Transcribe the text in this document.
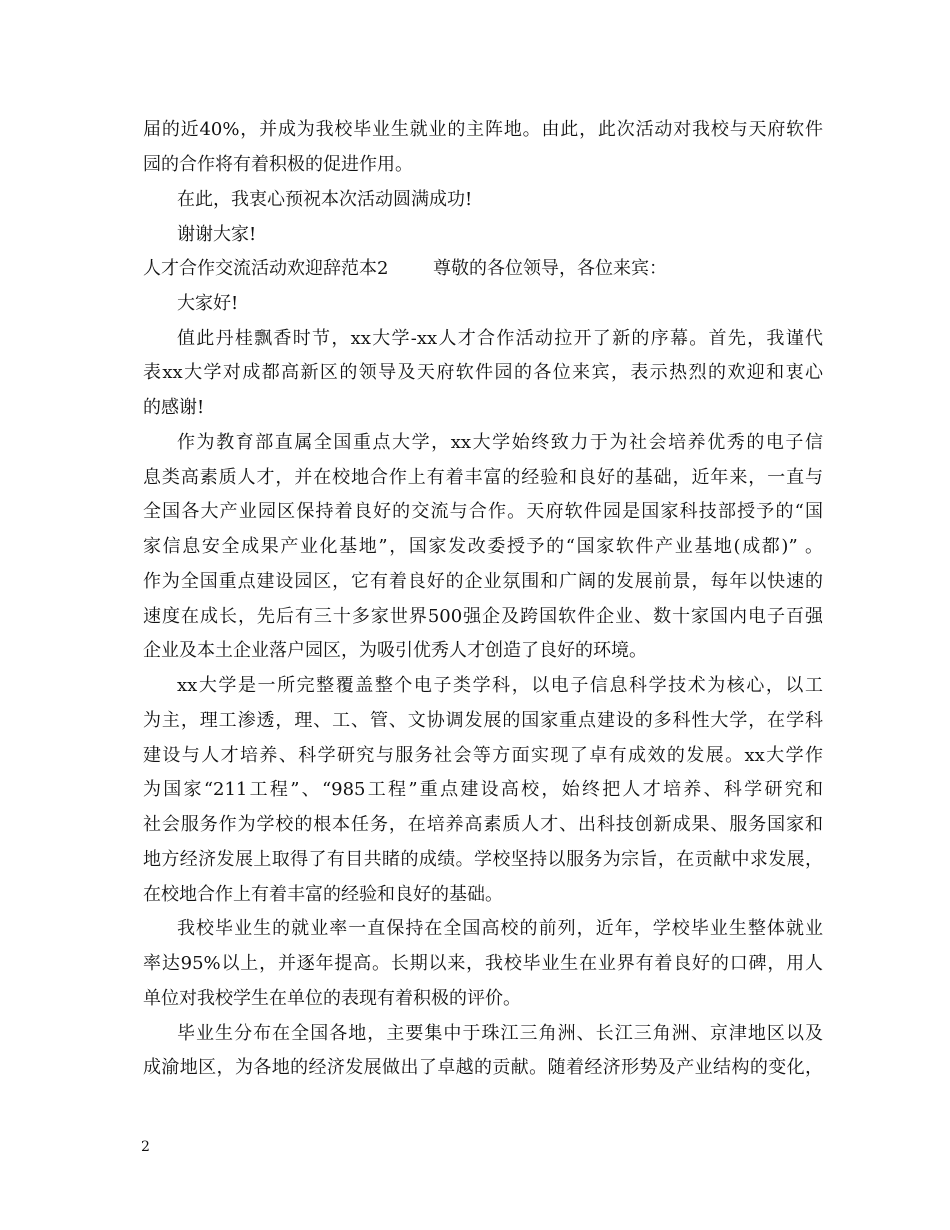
届的近40%，并成为我校毕业生就业的主阵地。由此，此次活动对我校与天府软件
园的合作将有着积极的促进作用。
在此，我衷心预祝本次活动圆满成功!
谢谢大家!
人才合作交流活动欢迎辞范本2	尊敬的各位领导，各位来宾：
大家好!
值此丹桂飘香时节，xx大学-xx人才合作活动拉开了新的序幕。首先，我谨代
表xx大学对成都高新区的领导及天府软件园的各位来宾，表示热烈的欢迎和衷心
的感谢!
作为教育部直属全国重点大学，xx大学始终致力于为社会培养优秀的电子信
息类高素质人才，并在校地合作上有着丰富的经验和良好的基础，近年来，一直与
全国各大产业园区保持着良好的交流与合作。天府软件园是国家科技部授予的“国
家信息安全成果产业化基地”，国家发改委授予的“国家软件产业基地(成都)” 。
作为全国重点建设园区，它有着良好的企业氛围和广阔的发展前景，每年以快速的
速度在成长，先后有三十多家世界500强企及跨国软件企业、数十家国内电子百强
企业及本土企业落户园区，为吸引优秀人才创造了良好的环境。
xx大学是一所完整覆盖整个电子类学科，以电子信息科学技术为核心，以工
为主，理工渗透，理、工、管、文协调发展的国家重点建设的多科性大学，在学科
建设与人才培养、科学研究与服务社会等方面实现了卓有成效的发展。xx大学作
为国家“211工程”、“985工程”重点建设高校，始终把人才培养、科学研究和
社会服务作为学校的根本任务，在培养高素质人才、出科技创新成果、服务国家和
地方经济发展上取得了有目共睹的成绩。学校坚持以服务为宗旨，在贡献中求发展，
在校地合作上有着丰富的经验和良好的基础。
我校毕业生的就业率一直保持在全国高校的前列，近年，学校毕业生整体就业
率达95%以上，并逐年提高。长期以来，我校毕业生在业界有着良好的口碑，用人
单位对我校学生在单位的表现有着积极的评价。
毕业生分布在全国各地，主要集中于珠江三角洲、长江三角洲、京津地区以及
成渝地区，为各地的经济发展做出了卓越的贡献。随着经济形势及产业结构的变化，
2
